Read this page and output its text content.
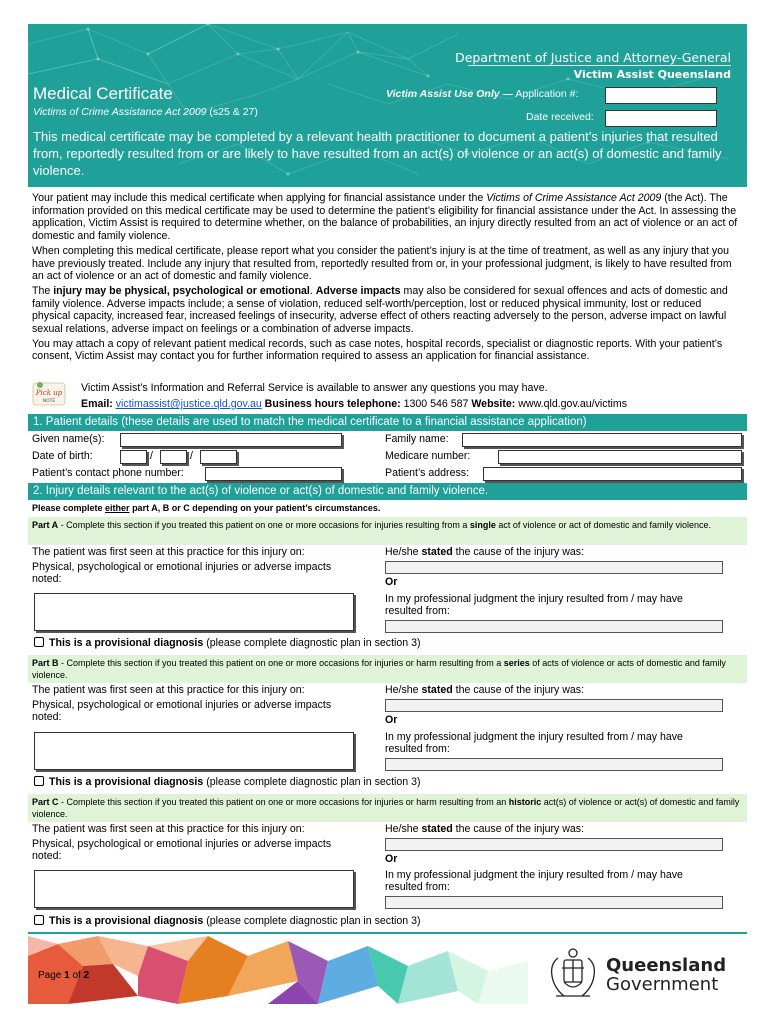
Department of Justice and Attorney-General
Victim Assist Queensland
Medical Certificate
Victims of Crime Assistance Act 2009 (s25 & 27)
Victim Assist Use Only — Application #:
Date received:
This medical certificate may be completed by a relevant health practitioner to document a patient’s injuries that resulted from, reportedly resulted from or are likely to have resulted from an act(s) of violence or an act(s) of domestic and family violence.

Your patient may include this medical certificate when applying for financial assistance under the Victims of Crime Assistance Act 2009 (the Act). The information provided on this medical certificate may be used to determine the patient’s eligibility for financial assistance under the Act. In assessing the application, Victim Assist is required to determine whether, on the balance of probabilities, an injury directly resulted from an act of violence or an act of domestic and family violence.

When completing this medical certificate, please report what you consider the patient’s injury is at the time of treatment, as well as any injury that you have previously treated. Include any injury that resulted from, reportedly resulted from or, in your professional judgment, is likely to have resulted from an act of violence or an act of domestic and family violence.

The injury may be physical, psychological or emotional. Adverse impacts may also be considered for sexual offences and acts of domestic and family violence. Adverse impacts include; a sense of violation, reduced self-worth/perception, lost or reduced physical immunity, lost or reduced physical capacity, increased fear, increased feelings of insecurity, adverse effect of others reacting adversely to the person, adverse impact on lawful sexual relations, adverse impact on feelings or a combination of adverse impacts.

You may attach a copy of relevant patient medical records, such as case notes, hospital records, specialist or diagnostic reports. With your patient’s consent, Victim Assist may contact you for further information required to assess an application for financial assistance.

Pick up
NOTE
Victim Assist’s Information and Referral Service is available to answer any questions you may have.
Email: victimassist@justice.qld.gov.au Business hours telephone: 1300 546 587 Website: www.qld.gov.au/victims
1. Patient details (these details are used to match the medical certificate to a financial assistance application)
Given name(s):	Family name:
Date of birth:	/	/	Medicare number:
Patient’s contact phone number:	Patient’s address:
2. Injury details relevant to the act(s) of violence or act(s) of domestic and family violence.
Please complete either part A, B or C depending on your patient’s circumstances.
Part A - Complete this section if you treated this patient on one or more occasions for injuries resulting from a single act of violence or act of domestic and family violence.
The patient was first seen at this practice for this injury on:	He/she stated the cause of the injury was:
Physical, psychological or emotional injuries or adverse impacts
noted:	Or
In my professional judgment the injury resulted from / may have
resulted from:
This is a provisional diagnosis (please complete diagnostic plan in section 3)
Part B - Complete this section if you treated this patient on one or more occasions for injuries or harm resulting from a series of acts of violence or acts of domestic and family violence.
The patient was first seen at this practice for this injury on:	He/she stated the cause of the injury was:
Physical, psychological or emotional injuries or adverse impacts
noted:	Or
In my professional judgment the injury resulted from / may have
resulted from:
This is a provisional diagnosis (please complete diagnostic plan in section 3)
Part C - Complete this section if you treated this patient on one or more occasions for injuries or harm resulting from an historic act(s) of violence or act(s) of domestic and family violence.
The patient was first seen at this practice for this injury on:	He/she stated the cause of the injury was:
Physical, psychological or emotional injuries or adverse impacts
noted:	Or
In my professional judgment the injury resulted from / may have
resulted from:
This is a provisional diagnosis (please complete diagnostic plan in section 3)
Page 1 of 2	Queensland
Government
